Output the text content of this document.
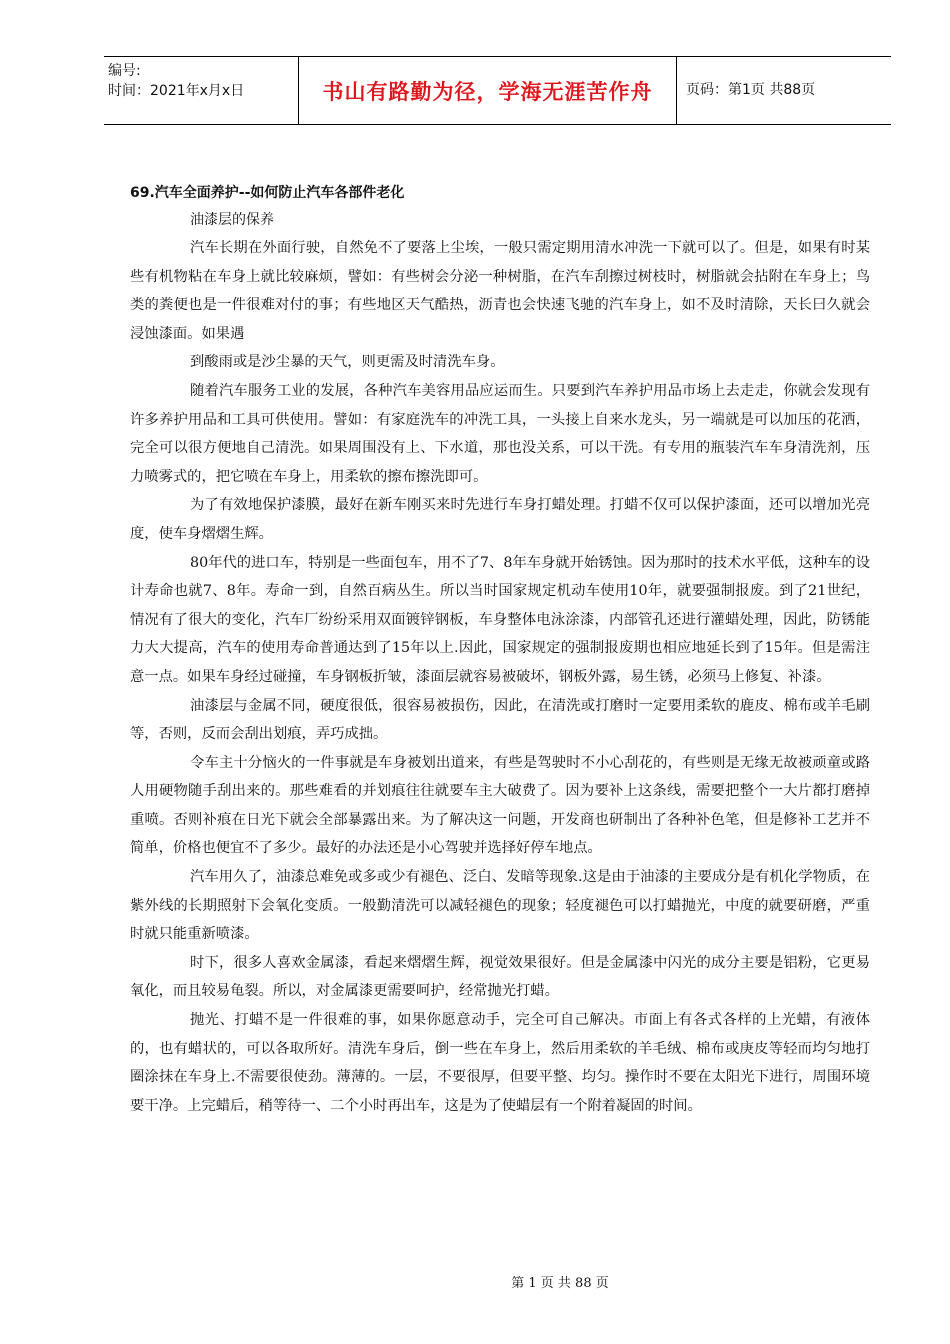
编号:
时间：2021年x月x日	书山有路勤为径，学海无涯苦作舟	页码：第1页 共88页

69.汽车全面养护--如何防止汽车各部件老化

油漆层的保养

汽车长期在外面行驶，自然免不了要落上尘埃，一般只需定期用清水冲洗一下就可以了。但是，如果有时某些有机物粘在车身上就比较麻烦，譬如：有些树会分泌一种树脂，在汽车刮擦过树枝时，树脂就会拈附在车身上；鸟类的粪便也是一件很难对付的事；有些地区天气酷热，沥青也会快速飞驰的汽车身上，如不及时清除，天长曰久就会浸蚀漆面。如果遇

到酸雨或是沙尘暴的天气，则更需及时清洗车身。

随着汽车服务工业的发展，各种汽车美容用品应运而生。只要到汽车养护用品市场上去走走，你就会发现有许多养护用品和工具可供使用。譬如：有家庭洗车的冲洗工具，一头接上自来水龙头，另一端就是可以加压的花洒，完全可以很方便地自己清洗。如果周围没有上、下水道，那也没关系，可以干洗。有专用的瓶装汽车车身清洗剂，压力喷雾式的，把它喷在车身上，用柔软的擦布擦洗即可。

为了有效地保护漆膜，最好在新车刚买来时先进行车身打蜡处理。打蜡不仅可以保护漆面，还可以增加光亮度，使车身熠熠生辉。

80年代的进口车，特别是一些面包车，用不了7、8年车身就开始锈蚀。因为那时的技术水平低，这种车的设计寿命也就7、8年。寿命一到，自然百病丛生。所以当时国家规定机动车使用10年，就要强制报废。到了21世纪，情况有了很大的变化，汽车厂纷纷采用双面镀锌钢板，车身整体电泳涂漆，内部管孔还进行灌蜡处理，因此，防锈能力大大提高，汽车的使用寿命普通达到了15年以上.因此，国家规定的强制报废期也相应地延长到了15年。但是需注意一点。如果车身经过碰撞，车身钢板折皱，漆面层就容易被破坏，钢板外露，易生锈，必须马上修复、补漆。

油漆层与金属不同，硬度很低，很容易被损伤，因此，在清洗或打磨时一定要用柔软的鹿皮、棉布或羊毛刷等，否则，反而会刮出划痕，弄巧成拙。

令车主十分恼火的一件事就是车身被划出道来，有些是驾驶时不小心刮花的，有些则是无缘无故被顽童或路人用硬物随手刮出来的。那些难看的并划痕往往就要车主大破费了。因为要补上这条线，需要把整个一大片都打磨掉重喷。否则补痕在日光下就会全部暴露出来。为了解决这一问题，开发商也研制出了各种补色笔，但是修补工艺并不简单，价格也便宜不了多少。最好的办法还是小心驾驶并选择好停车地点。

汽车用久了，油漆总难免或多或少有褪色、泛白、发暗等现象.这是由于油漆的主要成分是有机化学物质，在紫外线的长期照射下会氧化变质。一般勤清洗可以减轻褪色的现象；轻度褪色可以打蜡抛光，中度的就要研磨，严重时就只能重新喷漆。

时下，很多人喜欢金属漆，看起来熠熠生辉，视觉效果很好。但是金属漆中闪光的成分主要是铝粉，它更易氧化，而且较易龟裂。所以，对金属漆更需要呵护，经常抛光打蜡。

抛光、打蜡不是一件很难的事，如果你愿意动手，完全可自己解决。市面上有各式各样的上光蜡，有液体的，也有蜡状的，可以各取所好。清洗车身后，倒一些在车身上，然后用柔软的羊毛绒、棉布或庚皮等轻而均匀地打圈涂抹在车身上.不需要很使劲。薄薄的。一层，不要很厚，但要平整、均匀。操作时不要在太阳光下进行，周围环境要干净。上完蜡后，稍等待一、二个小时再出车，这是为了使蜡层有一个附着凝固的时间。

第 1 页 共 88 页
